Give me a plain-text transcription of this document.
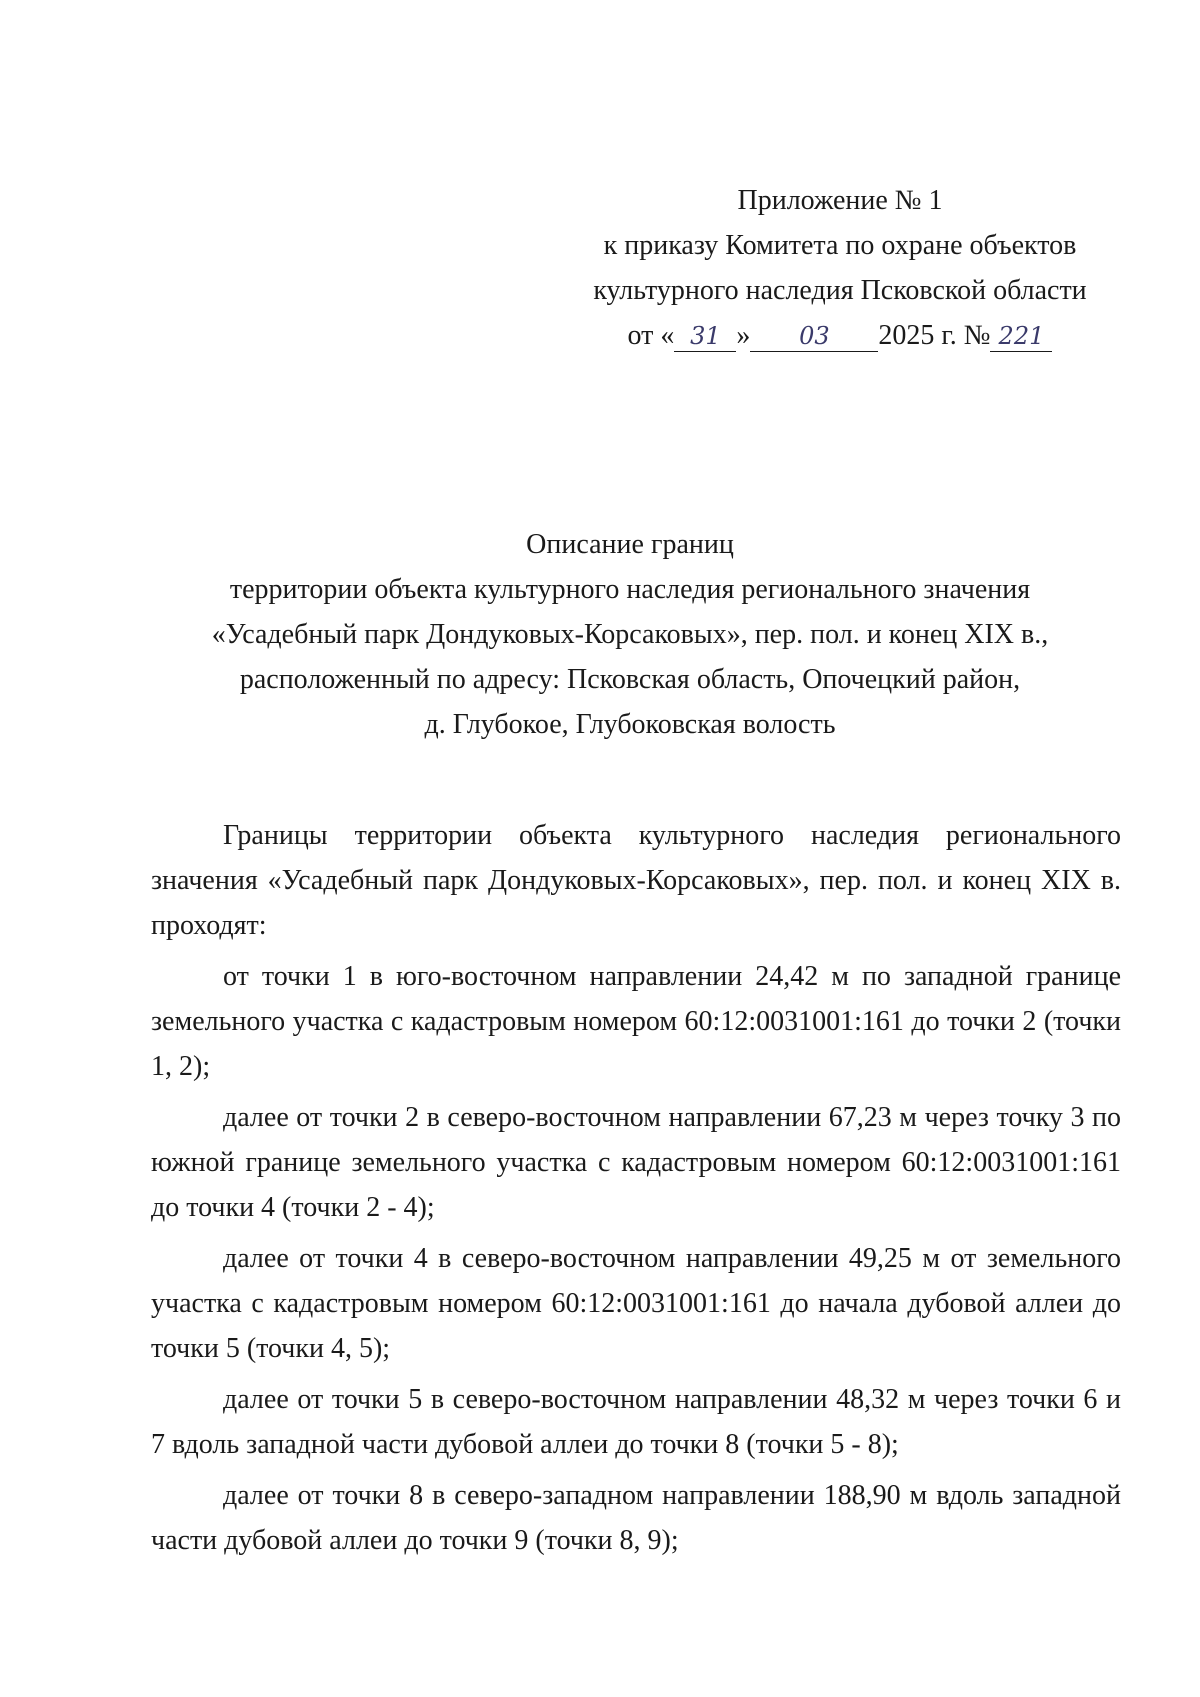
Приложение № 1
к приказу Комитета по охране объектов
культурного наследия Псковской области
от « 31 » 03 2025 г. № 221
Описание границ
территории объекта культурного наследия регионального значения
«Усадебный парк Дондуковых-Корсаковых», пер. пол. и конец XIX в.,
расположенный по адресу: Псковская область, Опочецкий район,
д. Глубокое, Глубоковская волость

Границы территории объекта культурного наследия регионального значения «Усадебный парк Дондуковых-Корсаковых», пер. пол. и конец XIX в. проходят:

от точки 1 в юго-восточном направлении 24,42 м по западной границе земельного участка с кадастровым номером 60:12:0031001:161 до точки 2 (точки 1, 2);

далее от точки 2 в северо-восточном направлении 67,23 м через точку 3 по южной границе земельного участка с кадастровым номером 60:12:0031001:161 до точки 4 (точки 2 - 4);

далее от точки 4 в северо-восточном направлении 49,25 м от земельного участка с кадастровым номером 60:12:0031001:161 до начала дубовой аллеи до точки 5 (точки 4, 5);

далее от точки 5 в северо-восточном направлении 48,32 м через точки 6 и 7 вдоль западной части дубовой аллеи до точки 8 (точки 5 - 8);

далее от точки 8 в северо-западном направлении 188,90 м вдоль западной части дубовой аллеи до точки 9 (точки 8, 9);
